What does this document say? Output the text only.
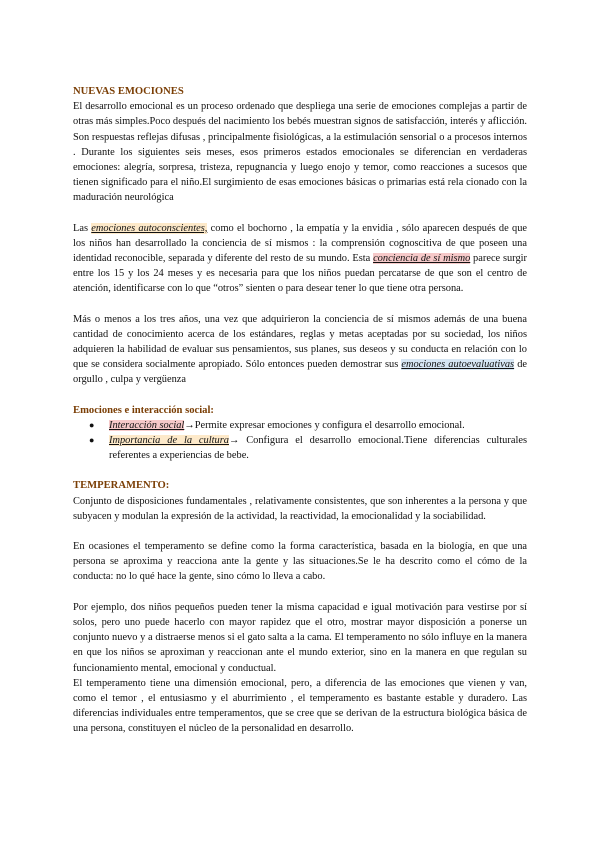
NUEVAS EMOCIONES

El desarrollo emocional es un proceso ordenado que despliega una serie de emociones complejas a partir de otras más simples.Poco después del nacimiento los bebés muestran signos de satisfacción, interés y aflicción. Son respuestas reflejas difusas , principalmente fisiológicas, a la estimulación sensorial o a procesos internos . Durante los siguientes seis meses, esos primeros estados emocionales se diferencian en verdaderas emociones: alegría, sorpresa, tristeza, repugnancia y luego enojo y temor, como reacciones a sucesos que tienen significado para el niño.El surgimiento de esas emociones básicas o primarias está rela cionado con la maduración neurológica

Las emociones autoconscientes, como el bochorno , la empatía y la envidia , sólo aparecen después de que los niños han desarrollado la conciencia de sí mismos : la comprensión cognoscitiva de que poseen una identidad reconocible, separada y diferente del resto de su mundo. Esta conciencia de sí mismo parece surgir entre los 15 y los 24 meses y es necesaria para que los niños puedan percatarse de que son el centro de atención, identificarse con lo que “otros” sienten o para desear tener lo que tiene otra persona.

Más o menos a los tres años, una vez que adquirieron la conciencia de sí mismos además de una buena cantidad de conocimiento acerca de los estándares, reglas y metas aceptadas por su sociedad, los niños adquieren la habilidad de evaluar sus pensamientos, sus planes, sus deseos y su conducta en relación con lo que se considera socialmente apropiado. Sólo entonces pueden demostrar sus emociones autoevaluativas de orgullo , culpa y vergüenza

Emociones e interacción social:
● Interacción social→Permite expresar emociones y configura el desarrollo emocional.
● Importancia de la cultura→ Configura el desarrollo emocional.Tiene diferencias culturales referentes a experiencias de bebe.
TEMPERAMENTO:

Conjunto de disposiciones fundamentales , relativamente consistentes, que son inherentes a la persona y que subyacen y modulan la expresión de la actividad, la reactividad, la emocionalidad y la sociabilidad.

En ocasiones el temperamento se define como la forma característica, basada en la biología, en que una persona se aproxima y reacciona ante la gente y las situaciones.Se le ha descrito como el cómo de la conducta: no lo qué hace la gente, sino cómo lo lleva a cabo.

Por ejemplo, dos niños pequeños pueden tener la misma capacidad e igual motivación para vestirse por sí solos, pero uno puede hacerlo con mayor rapidez que el otro, mostrar mayor disposición a ponerse un conjunto nuevo y a distraerse menos si el gato salta a la cama. El temperamento no sólo influye en la manera en que los niños se aproximan y reaccionan ante el mundo exterior, sino en la manera en que regulan su funcionamiento mental, emocional y conductual.

El temperamento tiene una dimensión emocional, pero, a diferencia de las emociones que vienen y van, como el temor , el entusiasmo y el aburrimiento , el temperamento es bastante estable y duradero. Las diferencias individuales entre temperamentos, que se cree que se derivan de la estructura biológica básica de una persona, constituyen el núcleo de la personalidad en desarrollo.
